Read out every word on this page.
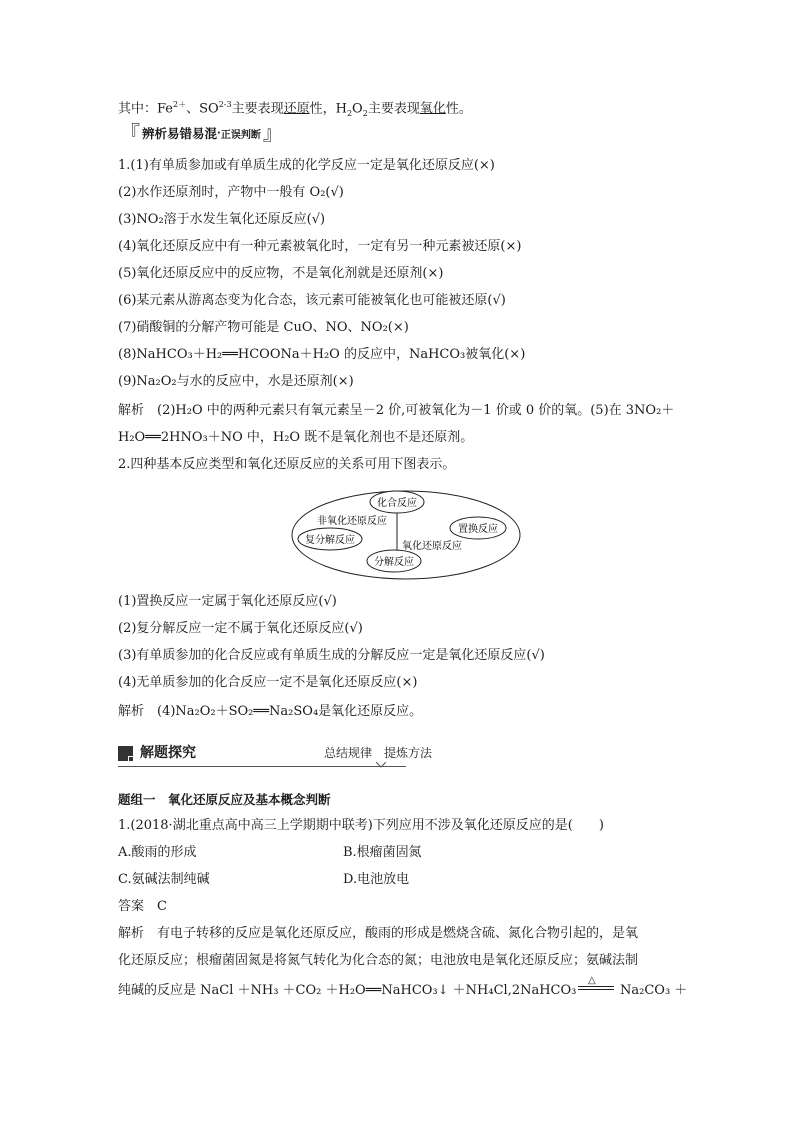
其中：$Fe^{2+}$、SO$^{2-3}$主要表现还原性，$H_2O_2$主要表现氧化性。
『 辨析易错易混 · 正误判断 』
1.(1)有单质参加或有单质生成的化学反应一定是氧化还原反应(×)
(2)水作还原剂时，产物中一般有 O₂(√)
(3)NO₂溶于水发生氧化还原反应(√)
(4)氧化还原反应中有一种元素被氧化时，一定有另一种元素被还原(×)
(5)氧化还原反应中的反应物，不是氧化剂就是还原剂(×)
(6)某元素从游离态变为化合态，该元素可能被氧化也可能被还原(√)
(7)硝酸铜的分解产物可能是 CuO、NO、NO₂(×)
(8)NaHCO₃＋H₂══HCOONa＋H₂O 的反应中，NaHCO₃被氧化(×)
(9)Na₂O₂与水的反应中，水是还原剂(×)
解析　(2)H₂O 中的两种元素只有氧元素呈－2 价,可被氧化为－1 价或 0 价的氧。(5)在 3NO₂＋
H₂O══2HNO₃＋NO 中，H₂O 既不是氧化剂也不是还原剂。
2.四种基本反应类型和氧化还原反应的关系可用下图表示。
化合反应
非氧化还原反应
复分解反应
置换反应
氧化还原反应
分解反应
(1)置换反应一定属于氧化还原反应(√)
(2)复分解反应一定不属于氧化还原反应(√)
(3)有单质参加的化合反应或有单质生成的分解反应一定是氧化还原反应(√)
(4)无单质参加的化合反应一定不是氧化还原反应(×)
解析　(4)Na₂O₂＋SO₂══Na₂SO₄是氧化还原反应。
解题探究	总结规律　提炼方法
题组一　氧化还原反应及基本概念判断
1.(2018·湖北重点高中高三上学期期中联考)下列应用不涉及氧化还原反应的是(　　)
A.酸雨的形成	B.根瘤菌固氮
C.氨碱法制纯碱	D.电池放电
答案　C
解析　有电子转移的反应是氧化还原反应，酸雨的形成是燃烧含硫、氮化合物引起的，是氧
化还原反应；根瘤菌固氮是将氮气转化为化合态的氮；电池放电是氧化还原反应；氨碱法制
纯碱的反应是 NaCl ＋NH₃ ＋CO₂ ＋H₂O══NaHCO₃↓ ＋NH₄Cl,2NaHCO₃
△
Na₂CO₃ ＋
